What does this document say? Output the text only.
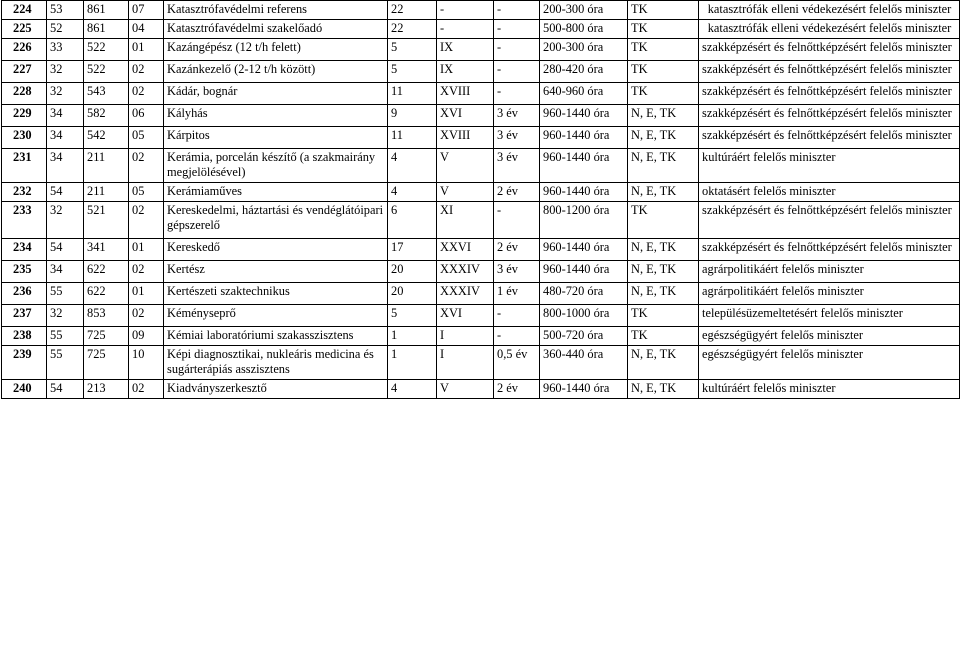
224	53	861	07	Katasztrófavédelmi referens	22	-	-	200-300 óra	TK	katasztrófák elleni védekezésért felelős miniszter

225	52	861	04	Katasztrófavédelmi szakelőadó	22	-	-	500-800 óra	TK	katasztrófák elleni védekezésért felelős miniszter

226	33	522	01	Kazángépész (12 t/h felett)	5	IX	-	200-300 óra	TK	szakképzésért és felnőttképzésért felelős miniszter

227	32	522	02	Kazánkezelő (2-12 t/h között)	5	IX	-	280-420 óra	TK	szakképzésért és felnőttképzésért felelős miniszter

228	32	543	02	Kádár, bognár	11	XVIII	-	640-960 óra	TK	szakképzésért és felnőttképzésért felelős miniszter

229	34	582	06	Kályhás	9	XVI	3 év	960-1440 óra	N, E, TK	szakképzésért és felnőttképzésért felelős miniszter

230	34	542	05	Kárpitos	11	XVIII	3 év	960-1440 óra	N, E, TK	szakképzésért és felnőttképzésért felelős miniszter

231	34	211	02	Kerámia, porcelán készítő (a szakmairány megjelölésével)	4	V	3 év	960-1440 óra	N, E, TK	kultúráért felelős miniszter

232	54	211	05	Kerámiaműves	4	V	2 év	960-1440 óra	N, E, TK	oktatásért felelős miniszter

233	32	521	02	Kereskedelmi, háztartási és vendéglátóipari gépszerelő	6	XI	-	800-1200 óra	TK	szakképzésért és felnőttképzésért felelős miniszter

234	54	341	01	Kereskedő	17	XXVI	2 év	960-1440 óra	N, E, TK	szakképzésért és felnőttképzésért felelős miniszter

235	34	622	02	Kertész	20	XXXIV	3 év	960-1440 óra	N, E, TK	agrárpolitikáért felelős miniszter

236	55	622	01	Kertészeti szaktechnikus	20	XXXIV	1 év	480-720 óra	N, E, TK	agrárpolitikáért felelős miniszter

237	32	853	02	Kéményseprő	5	XVI	-	800-1000 óra	TK	településüzemeltetésért felelős miniszter

238	55	725	09	Kémiai laboratóriumi szakasszisztens	1	I	-	500-720 óra	TK	egészségügyért felelős miniszter

239	55	725	10	Képi diagnosztikai, nukleáris medicina és sugárterápiás asszisztens	1	I	0,5 év	360-440 óra	N, E, TK	egészségügyért felelős miniszter

240	54	213	02	Kiadványszerkesztő	4	V	2 év	960-1440 óra	N, E, TK	kultúráért felelős miniszter
